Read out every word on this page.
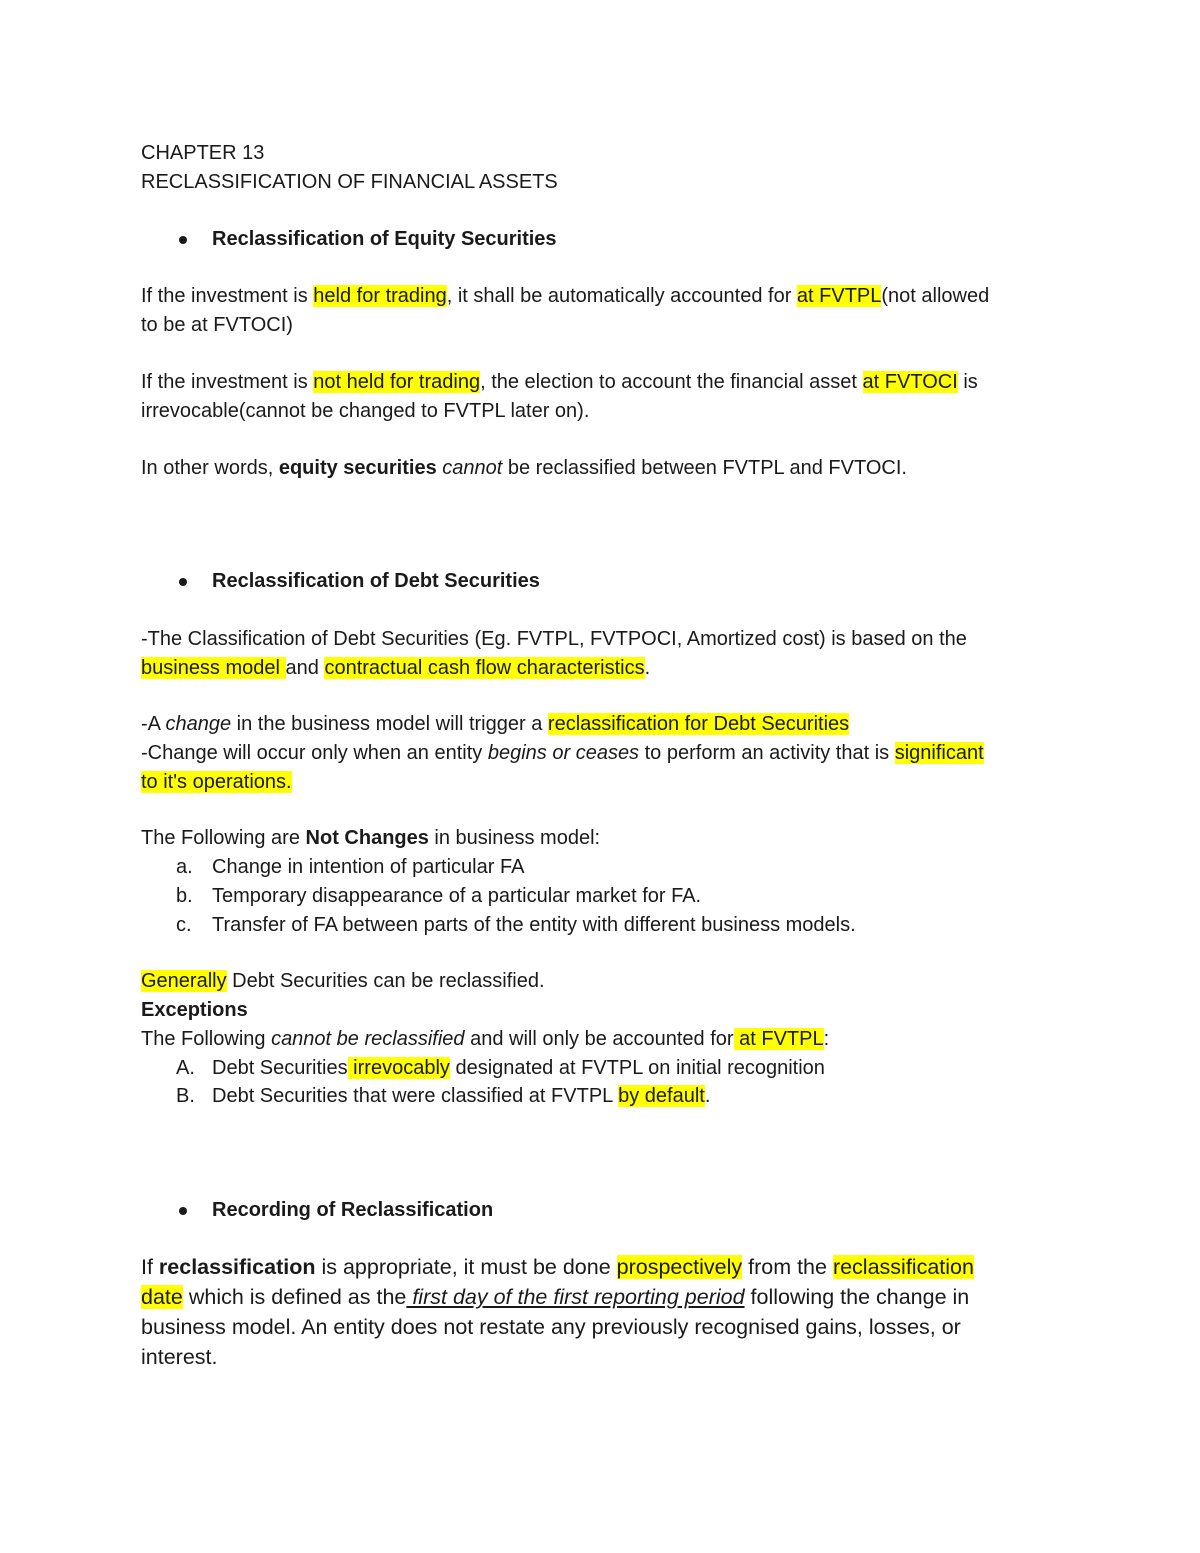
CHAPTER 13
RECLASSIFICATION OF FINANCIAL ASSETS
Reclassification of Equity Securities
If the investment is held for trading, it shall be automatically accounted for at FVTPL(not allowed
to be at FVTOCI)
If the investment is not held for trading, the election to account the financial asset at FVTOCI is
irrevocable(cannot be changed to FVTPL later on).
In other words, equity securities cannot be reclassified between FVTPL and FVTOCI.
Reclassification of Debt Securities
-The Classification of Debt Securities (Eg. FVTPL, FVTPOCI, Amortized cost) is based on the
business model and contractual cash flow characteristics.
-A change in the business model will trigger a reclassification for Debt Securities
-Change will occur only when an entity begins or ceases to perform an activity that is significant
to it's operations.
The Following are Not Changes in business model:
a. Change in intention of particular FA
b. Temporary disappearance of a particular market for FA.
c. Transfer of FA between parts of the entity with different business models.
Generally Debt Securities can be reclassified.
Exceptions
The Following cannot be reclassified and will only be accounted for at FVTPL:
A. Debt Securities irrevocably designated at FVTPL on initial recognition
B. Debt Securities that were classified at FVTPL by default.
Recording of Reclassification
If reclassification is appropriate, it must be done prospectively from the reclassification
date which is defined as the first day of the first reporting period following the change in
business model. An entity does not restate any previously recognised gains, losses, or
interest.
